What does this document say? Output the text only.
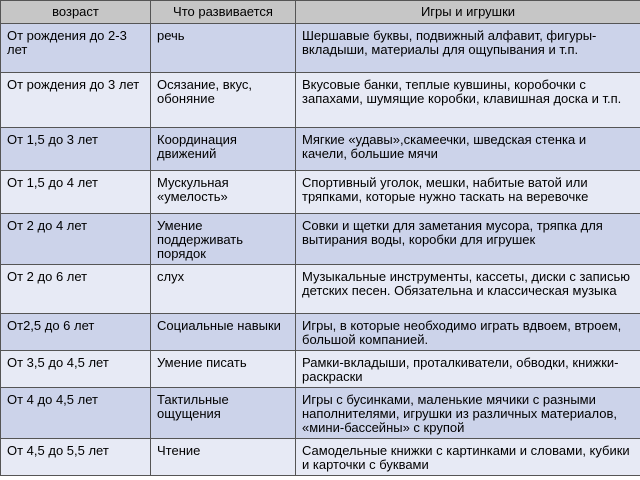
возраст	Что развивается	Игры и игрушки
От рождения до 2-3 лет	речь	Шершавые буквы, подвижный алфавит, фигуры-вкладыши, материалы для ощупывания и т.п.
От рождения до 3 лет	Осязание, вкус, обоняние	Вкусовые банки, теплые кувшины, коробочки с запахами, шумящие коробки, клавишная доска и т.п.
От 1,5 до 3 лет	Координация движений	Мягкие «удавы»,скамеечки, шведская стенка и качели, большие мячи
От 1,5 до 4 лет	Мускульная «умелость»	Спортивный уголок, мешки, набитые ватой или тряпками, которые нужно таскать на веревочке
От 2 до 4 лет	Умение поддерживать порядок	Совки и щетки для заметания мусора, тряпка для вытирания воды, коробки для игрушек
От 2 до 6 лет	слух	Музыкальные инструменты, кассеты, диски с записью детских песен. Обязательна и классическая музыка
От2,5 до 6 лет	Социальные навыки	Игры, в которые необходимо играть вдвоем, втроем, большой компанией.
От 3,5 до 4,5 лет	Умение писать	Рамки-вкладыши, проталкиватели, обводки, книжки-раскраски
От 4 до 4,5 лет	Тактильные ощущения	Игры с бусинками, маленькие мячики с разными наполнителями, игрушки из различных материалов, «мини-бассейны» с крупой
От 4,5 до 5,5 лет	Чтение	Самодельные книжки с картинками и словами, кубики и карточки с буквами
